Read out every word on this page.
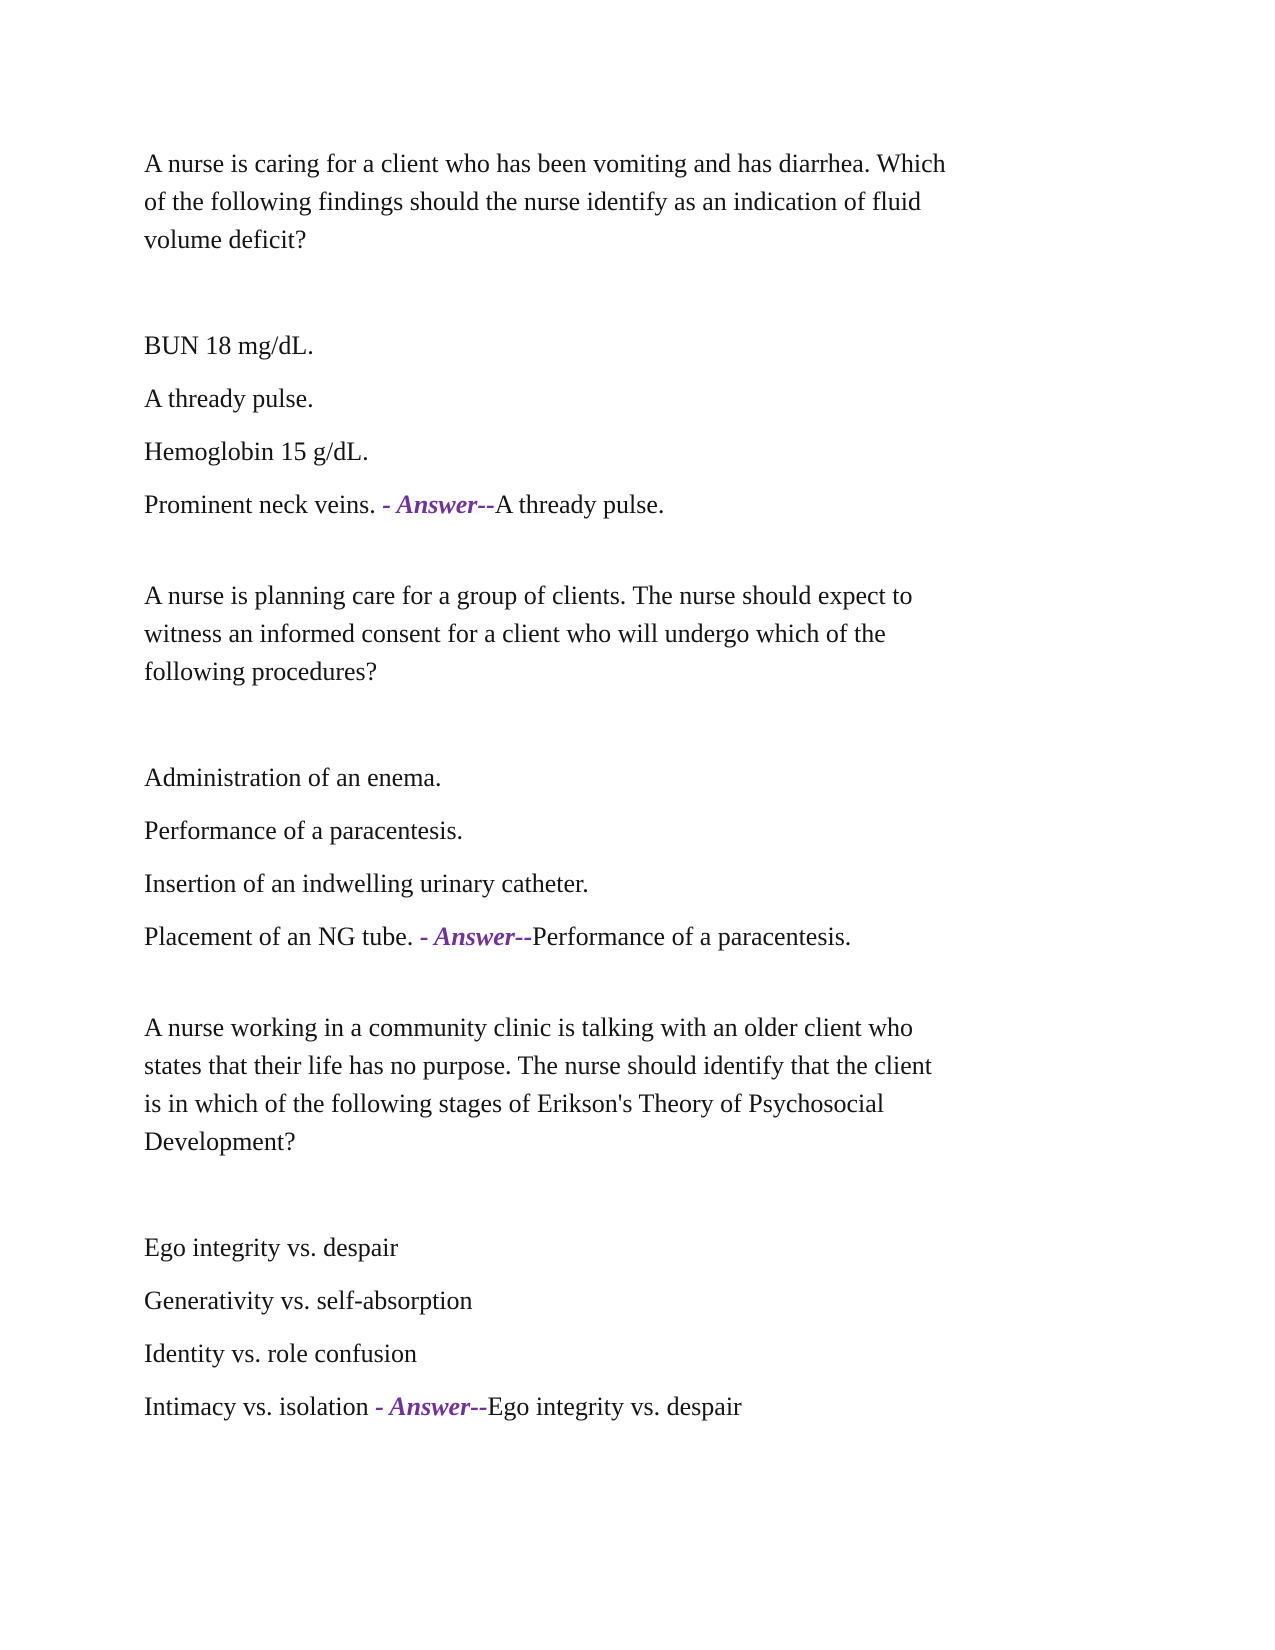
A nurse is caring for a client who has been vomiting and has diarrhea. Which
of the following findings should the nurse identify as an indication of fluid
volume deficit?

BUN 18 mg/dL.

A thready pulse.

Hemoglobin 15 g/dL.

Prominent neck veins. - Answer--A thready pulse.

A nurse is planning care for a group of clients. The nurse should expect to
witness an informed consent for a client who will undergo which of the
following procedures?

Administration of an enema.

Performance of a paracentesis.

Insertion of an indwelling urinary catheter.

Placement of an NG tube. - Answer--Performance of a paracentesis.

A nurse working in a community clinic is talking with an older client who
states that their life has no purpose. The nurse should identify that the client
is in which of the following stages of Erikson's Theory of Psychosocial
Development?

Ego integrity vs. despair

Generativity vs. self-absorption

Identity vs. role confusion

Intimacy vs. isolation - Answer--Ego integrity vs. despair
